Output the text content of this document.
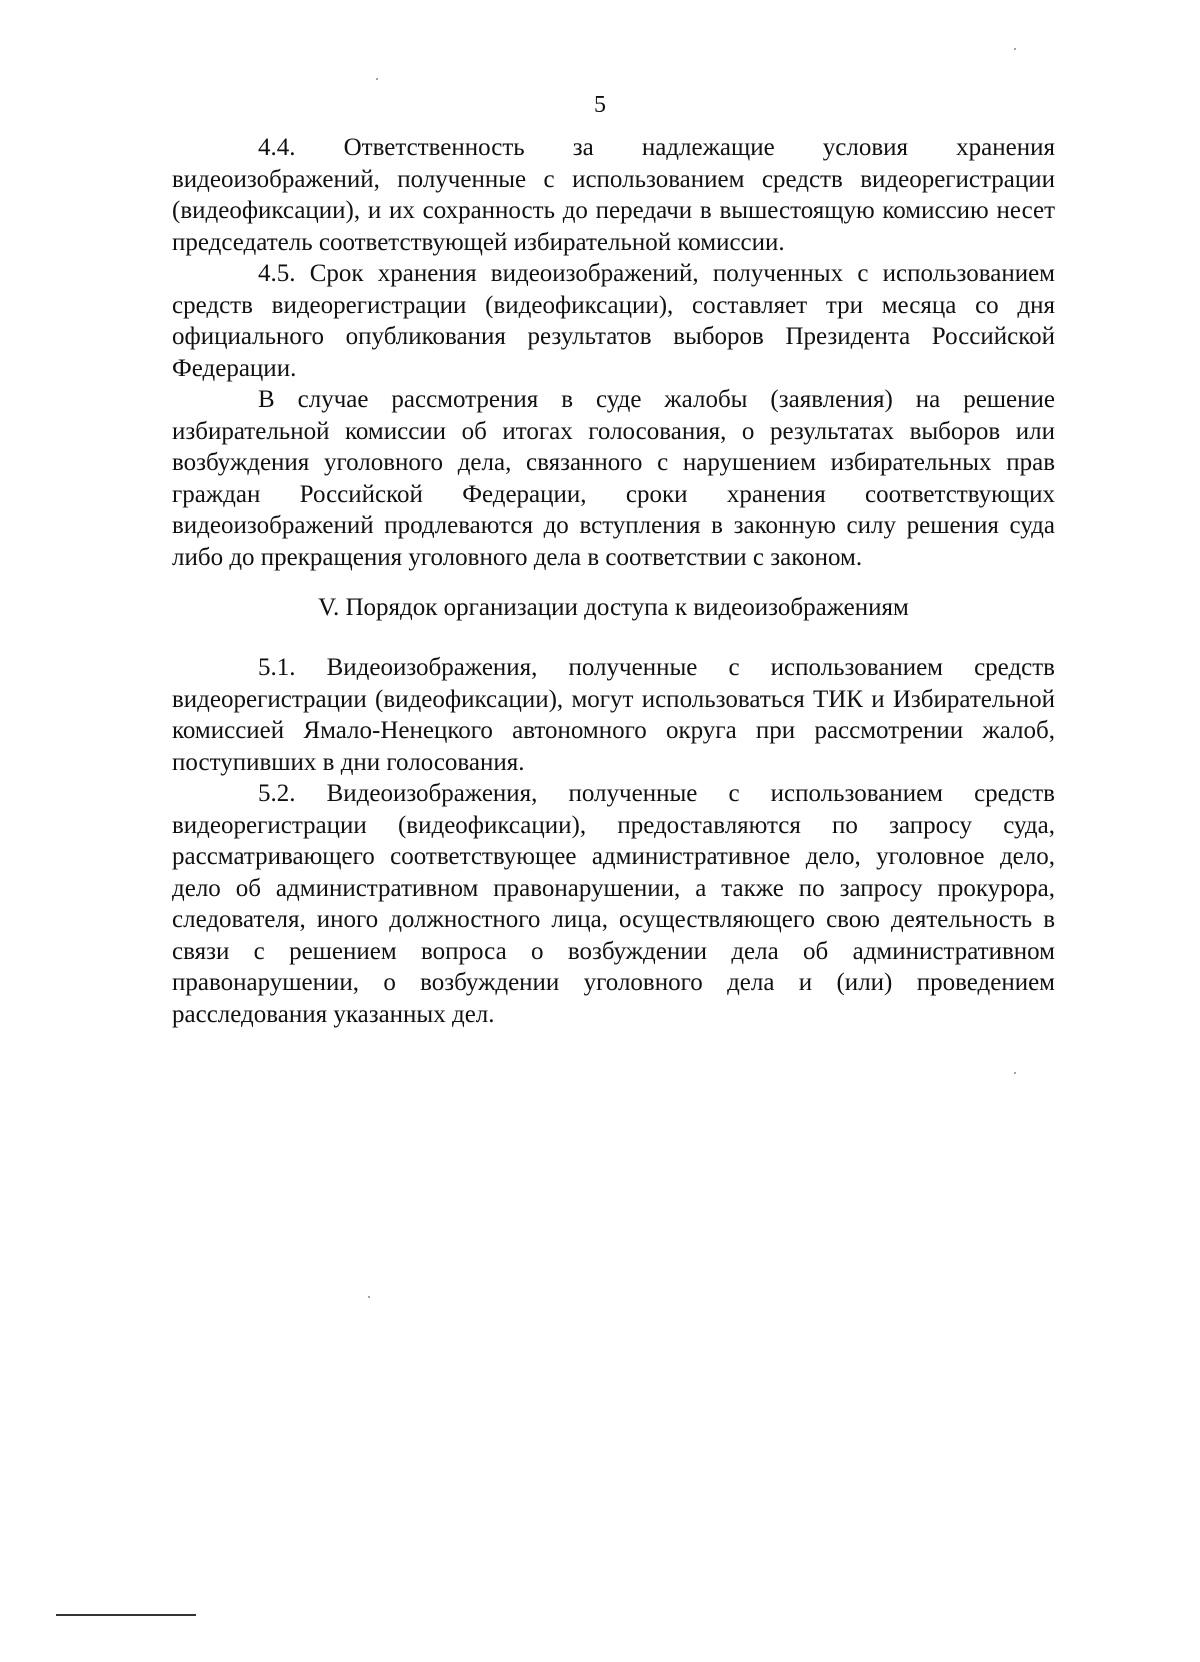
5

4.4. Ответственность за надлежащие условия хранения видеоизображений, полученные с использованием средств видеорегистрации (видеофиксации), и их сохранность до передачи в вышестоящую комиссию несет председатель соответствующей избирательной комиссии.

4.5. Срок хранения видеоизображений, полученных с использованием средств видеорегистрации (видеофиксации), составляет три месяца со дня официального опубликования результатов выборов Президента Российской Федерации.

В случае рассмотрения в суде жалобы (заявления) на решение избирательной комиссии об итогах голосования, о результатах выборов или возбуждения уголовного дела, связанного с нарушением избирательных прав граждан Российской Федерации, сроки хранения соответствующих видеоизображений продлеваются до вступления в законную силу решения суда либо до прекращения уголовного дела в соответствии с законом.

V. Порядок организации доступа к видеоизображениям

5.1. Видеоизображения, полученные с использованием средств видеорегистрации (видеофиксации), могут использоваться ТИК и Избирательной комиссией Ямало-Ненецкого автономного округа при рассмотрении жалоб, поступивших в дни голосования.

5.2. Видеоизображения, полученные с использованием средств видеорегистрации (видеофиксации), предоставляются по запросу суда, рассматривающего соответствующее административное дело, уголовное дело, дело об административном правонарушении, а также по запросу прокурора, следователя, иного должностного лица, осуществляющего свою деятельность в связи с решением вопроса о возбуждении дела об административном правонарушении, о возбуждении уголовного дела и (или) проведением расследования указанных дел.
